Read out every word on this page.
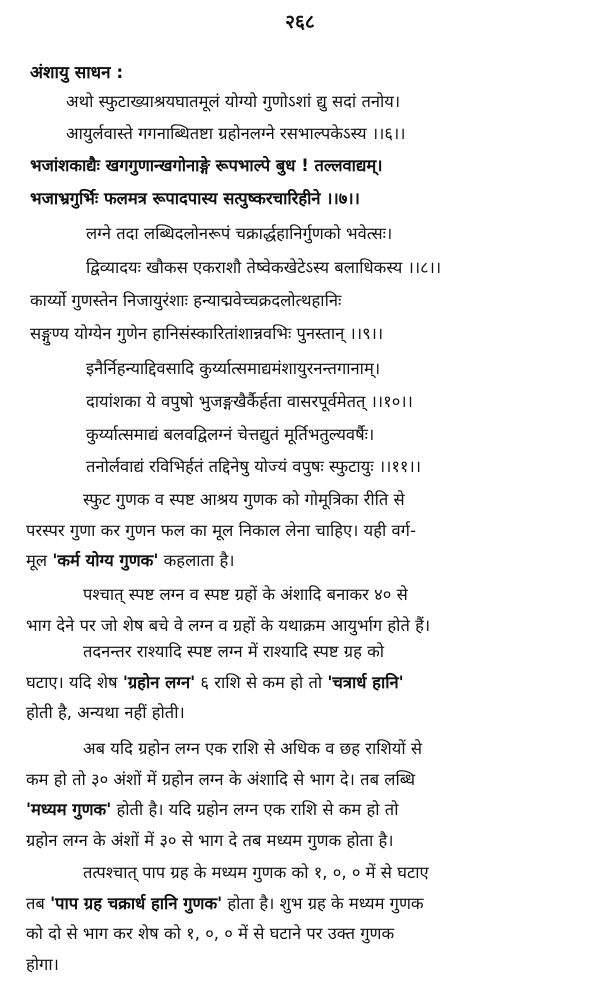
२६८
अंशायु साधन :
अथो स्फुटाख्याश्रयघातमूलं योग्यो गुणोऽशां द्यु सदां तनोय।
आयुर्लवास्ते गगनाब्धितष्टा ग्रहोनलग्ने रसभाल्पकेऽस्य ।।६।।
भजांशकाद्यैः खगगुणान्खगोनाङ्गे रूपभाल्पे बुध ! तल्लवाद्यम्।
भजाभ्रगुर्भिः फलमत्र रूपादपास्य सत्पुष्करचारिहीने ।।७।।
लग्ने तदा लब्धिदलोनरूपं चक्रार्द्धहानिर्गुणको भवेत्सः।
द्विव्यादयः खौकस एकराशौ तेष्वेकखेटेऽस्य बलाधिकस्य ।।८।।
कार्य्यो गुणस्तेन निजायुरंशाः हन्याद्मवेच्चक्रदलोत्थहानिः
सङ्गुण्य योग्येन गुणेन हानिसंस्कारितांशान्नवभिः पुनस्तान् ।।९।।
इनैर्निहन्याद्दिवसादि कुर्य्यात्समाद्यमंशायुरनन्तगानाम्।
दायांशका ये वपुषो भुजङ्गखैर्कैर्हता वासरपूर्वमेतत् ।।१०।।
कुर्य्यात्समाद्यं बलवद्विलग्नं चेत्तद्युतं मूर्तिभतुल्यवर्षैः।
तनोर्लवाद्यं रविभिर्हतं तद्दिनेषु योज्यं वपुषः स्फुटायुः ।।११।।
स्फुट गुणक व स्पष्ट आश्रय गुणक को गोमूत्रिका रीति से
परस्पर गुणा कर गुणन फल का मूल निकाल लेना चाहिए। यही वर्ग-
मूल 'कर्म योग्य गुणक' कहलाता है।
पश्चात् स्पष्ट लग्न व स्पष्ट ग्रहों के अंशादि बनाकर ४० से
भाग देने पर जो शेष बचे वे लग्न व ग्रहों के यथाक्रम आयुर्भाग होते हैं।
तदनन्तर राश्यादि स्पष्ट लग्न में राश्यादि स्पष्ट ग्रह को
घटाए। यदि शेष 'ग्रहोन लग्न' ६ राशि से कम हो तो 'चत्रार्ध हानि'
होती है, अन्यथा नहीं होती।
अब यदि ग्रहोन लग्न एक राशि से अधिक व छह राशियों से
कम हो तो ३० अंशों में ग्रहोन लग्न के अंशादि से भाग दे। तब लब्धि
'मध्यम गुणक' होती है। यदि ग्रहोन लग्न एक राशि से कम हो तो
ग्रहोन लग्न के अंशों में ३० से भाग दे तब मध्यम गुणक होता है।
तत्पश्चात् पाप ग्रह के मध्यम गुणक को १, ०, ० में से घटाए
तब 'पाप ग्रह चक्रार्ध हानि गुणक' होता है। शुभ ग्रह के मध्यम गुणक
को दो से भाग कर शेष को १, ०, ० में से घटाने पर उक्त गुणक
होगा।
